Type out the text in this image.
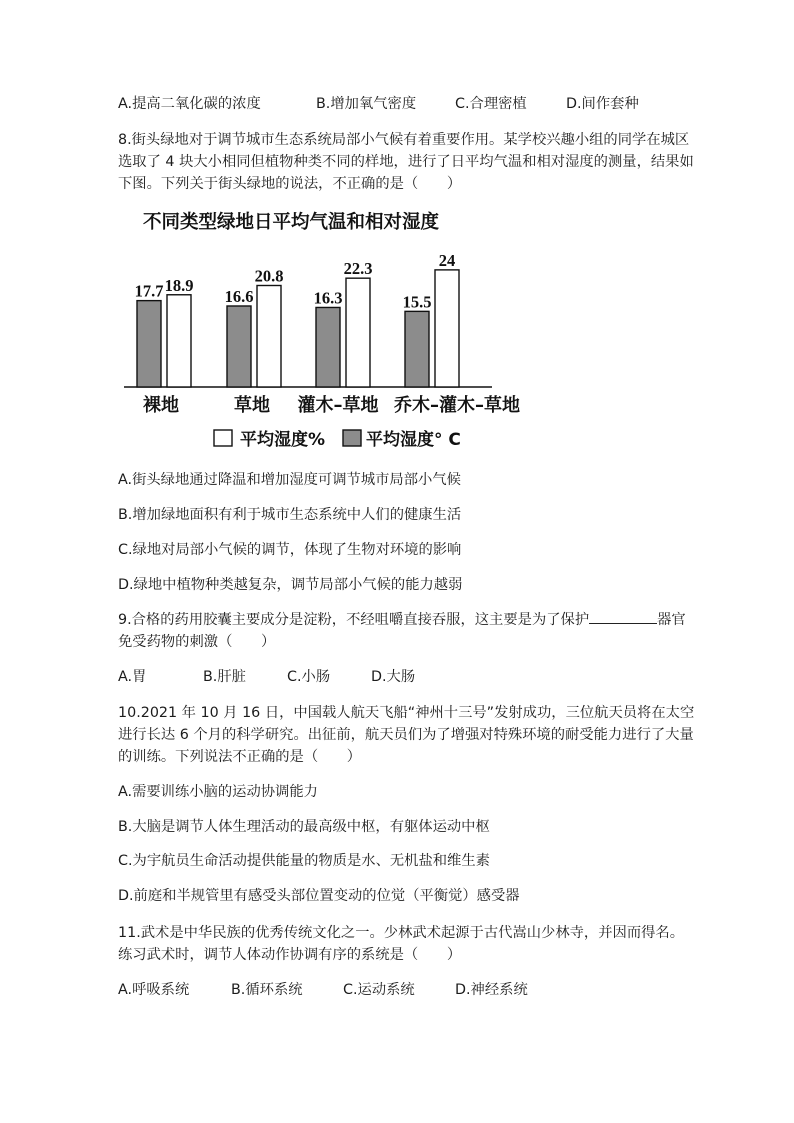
A.提高二氧化碳的浓度	B.增加氧气密度	C.合理密植	D.间作套种
8.街头绿地对于调节城市生态系统局部小气候有着重要作用。某学校兴趣小组的同学在城区
选取了 4 块大小相同但植物种类不同的样地，进行了日平均气温和相对湿度的测量，结果如
下图。下列关于街头绿地的说法，不正确的是（　　）
不同类型绿地日平均气温和相对湿度
17.7	16.6	16.3	15.5
18.9	20.8	22.3	24
裸地	草地 灌木–草地 乔木–灌木–草地
平均湿度° C
平均湿度%
A.街头绿地通过降温和增加湿度可调节城市局部小气候
B.增加绿地面积有利于城市生态系统中人们的健康生活
C.绿地对局部小气候的调节，体现了生物对环境的影响
D.绿地中植物种类越复杂，调节局部小气候的能力越弱
9.合格的药用胶囊主要成分是淀粉，不经咀嚼直接吞服，这主要是为了保护	器官
免受药物的刺激（　　）
A.胃	B.肝脏	C.小肠	D.大肠
10.2021 年 10 月 16 日，中国载人航天飞船“神州十三号”发射成功，三位航天员将在太空
进行长达 6 个月的科学研究。出征前，航天员们为了增强对特殊环境的耐受能力进行了大量
的训练。下列说法不正确的是（　　）
A.需要训练小脑的运动协调能力
B.大脑是调节人体生理活动的最高级中枢，有躯体运动中枢
C.为宇航员生命活动提供能量的物质是水、无机盐和维生素
D.前庭和半规管里有感受头部位置变动的位觉（平衡觉）感受器
11.武术是中华民族的优秀传统文化之一。少林武术起源于古代嵩山少林寺，并因而得名。
练习武术时，调节人体动作协调有序的系统是（　　）
A.呼吸系统	B.循环系统	C.运动系统	D.神经系统
